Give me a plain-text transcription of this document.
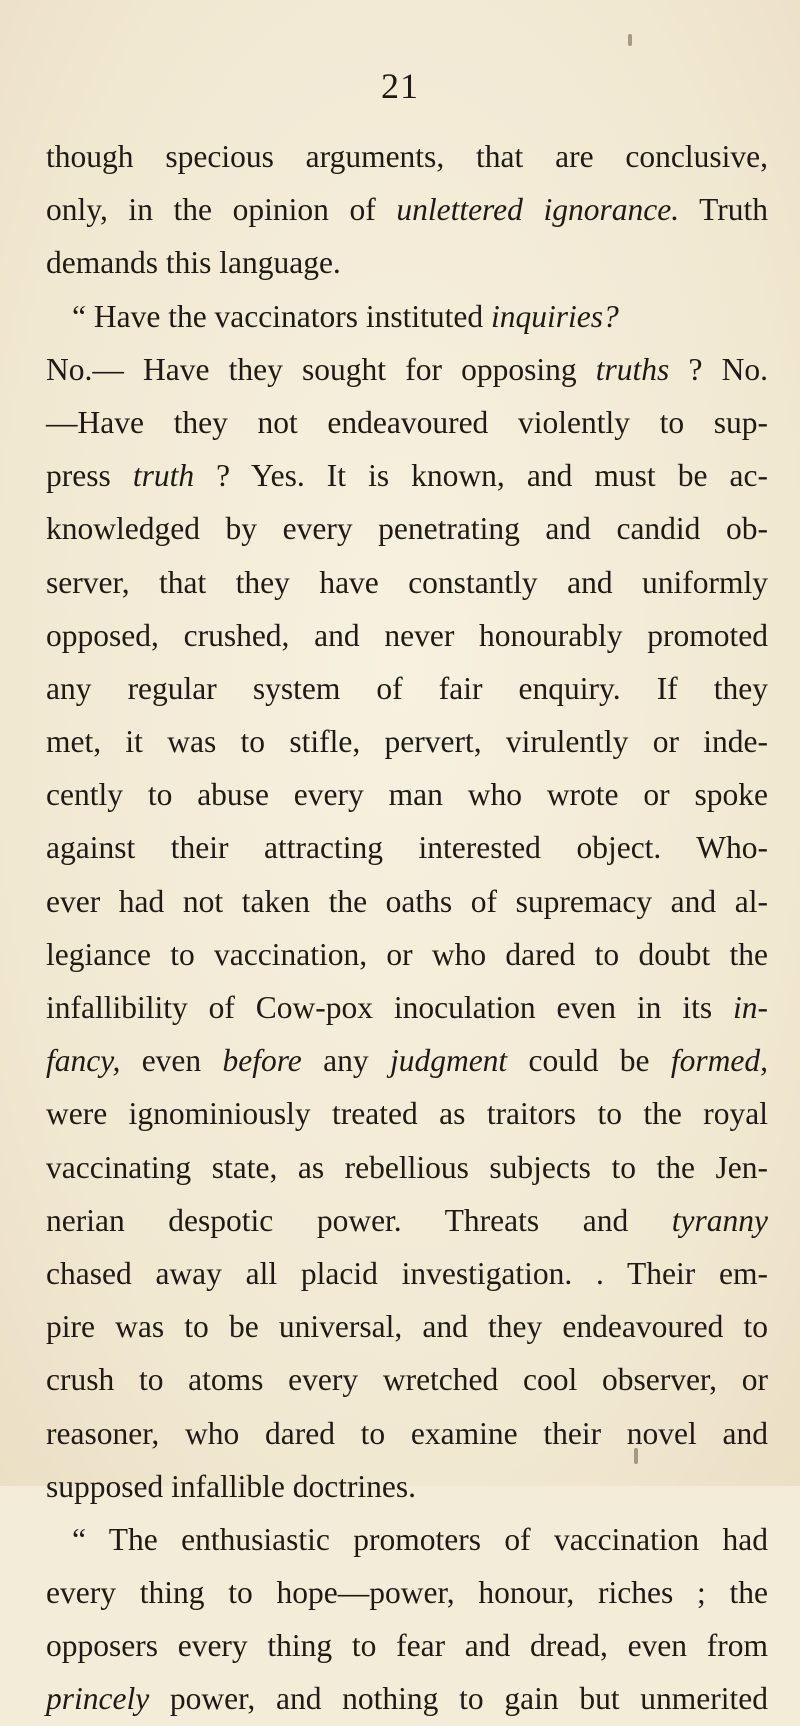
21
though specious arguments, that are conclusive,
only, in the opinion of unlettered ignorance. Truth
demands this language.
“ Have the vaccinators instituted inquiries?
No.— Have they sought for opposing truths ? No.
—Have they not endeavoured violently to sup-
press truth ? Yes. It is known, and must be ac-
knowledged by every penetrating and candid ob-
server, that they have constantly and uniformly
opposed, crushed, and never honourably promoted
any regular system of fair enquiry. If they
met, it was to stifle, pervert, virulently or inde-
cently to abuse every man who wrote or spoke
against their attracting interested object. Who-
ever had not taken the oaths of supremacy and al-
legiance to vaccination, or who dared to doubt the
infallibility of Cow-pox inoculation even in its in-
fancy, even before any judgment could be formed,
were ignominiously treated as traitors to the royal
vaccinating state, as rebellious subjects to the Jen-
nerian despotic power. Threats and tyranny
chased away all placid investigation. . Their em-
pire was to be universal, and they endeavoured to
crush to atoms every wretched cool observer, or
reasoner, who dared to examine their novel and
supposed infallible doctrines.
“ The enthusiastic promoters of vaccination had
every thing to hope—power, honour, riches ; the
opposers every thing to fear and dread, even from
princely power, and nothing to gain but unmerited
